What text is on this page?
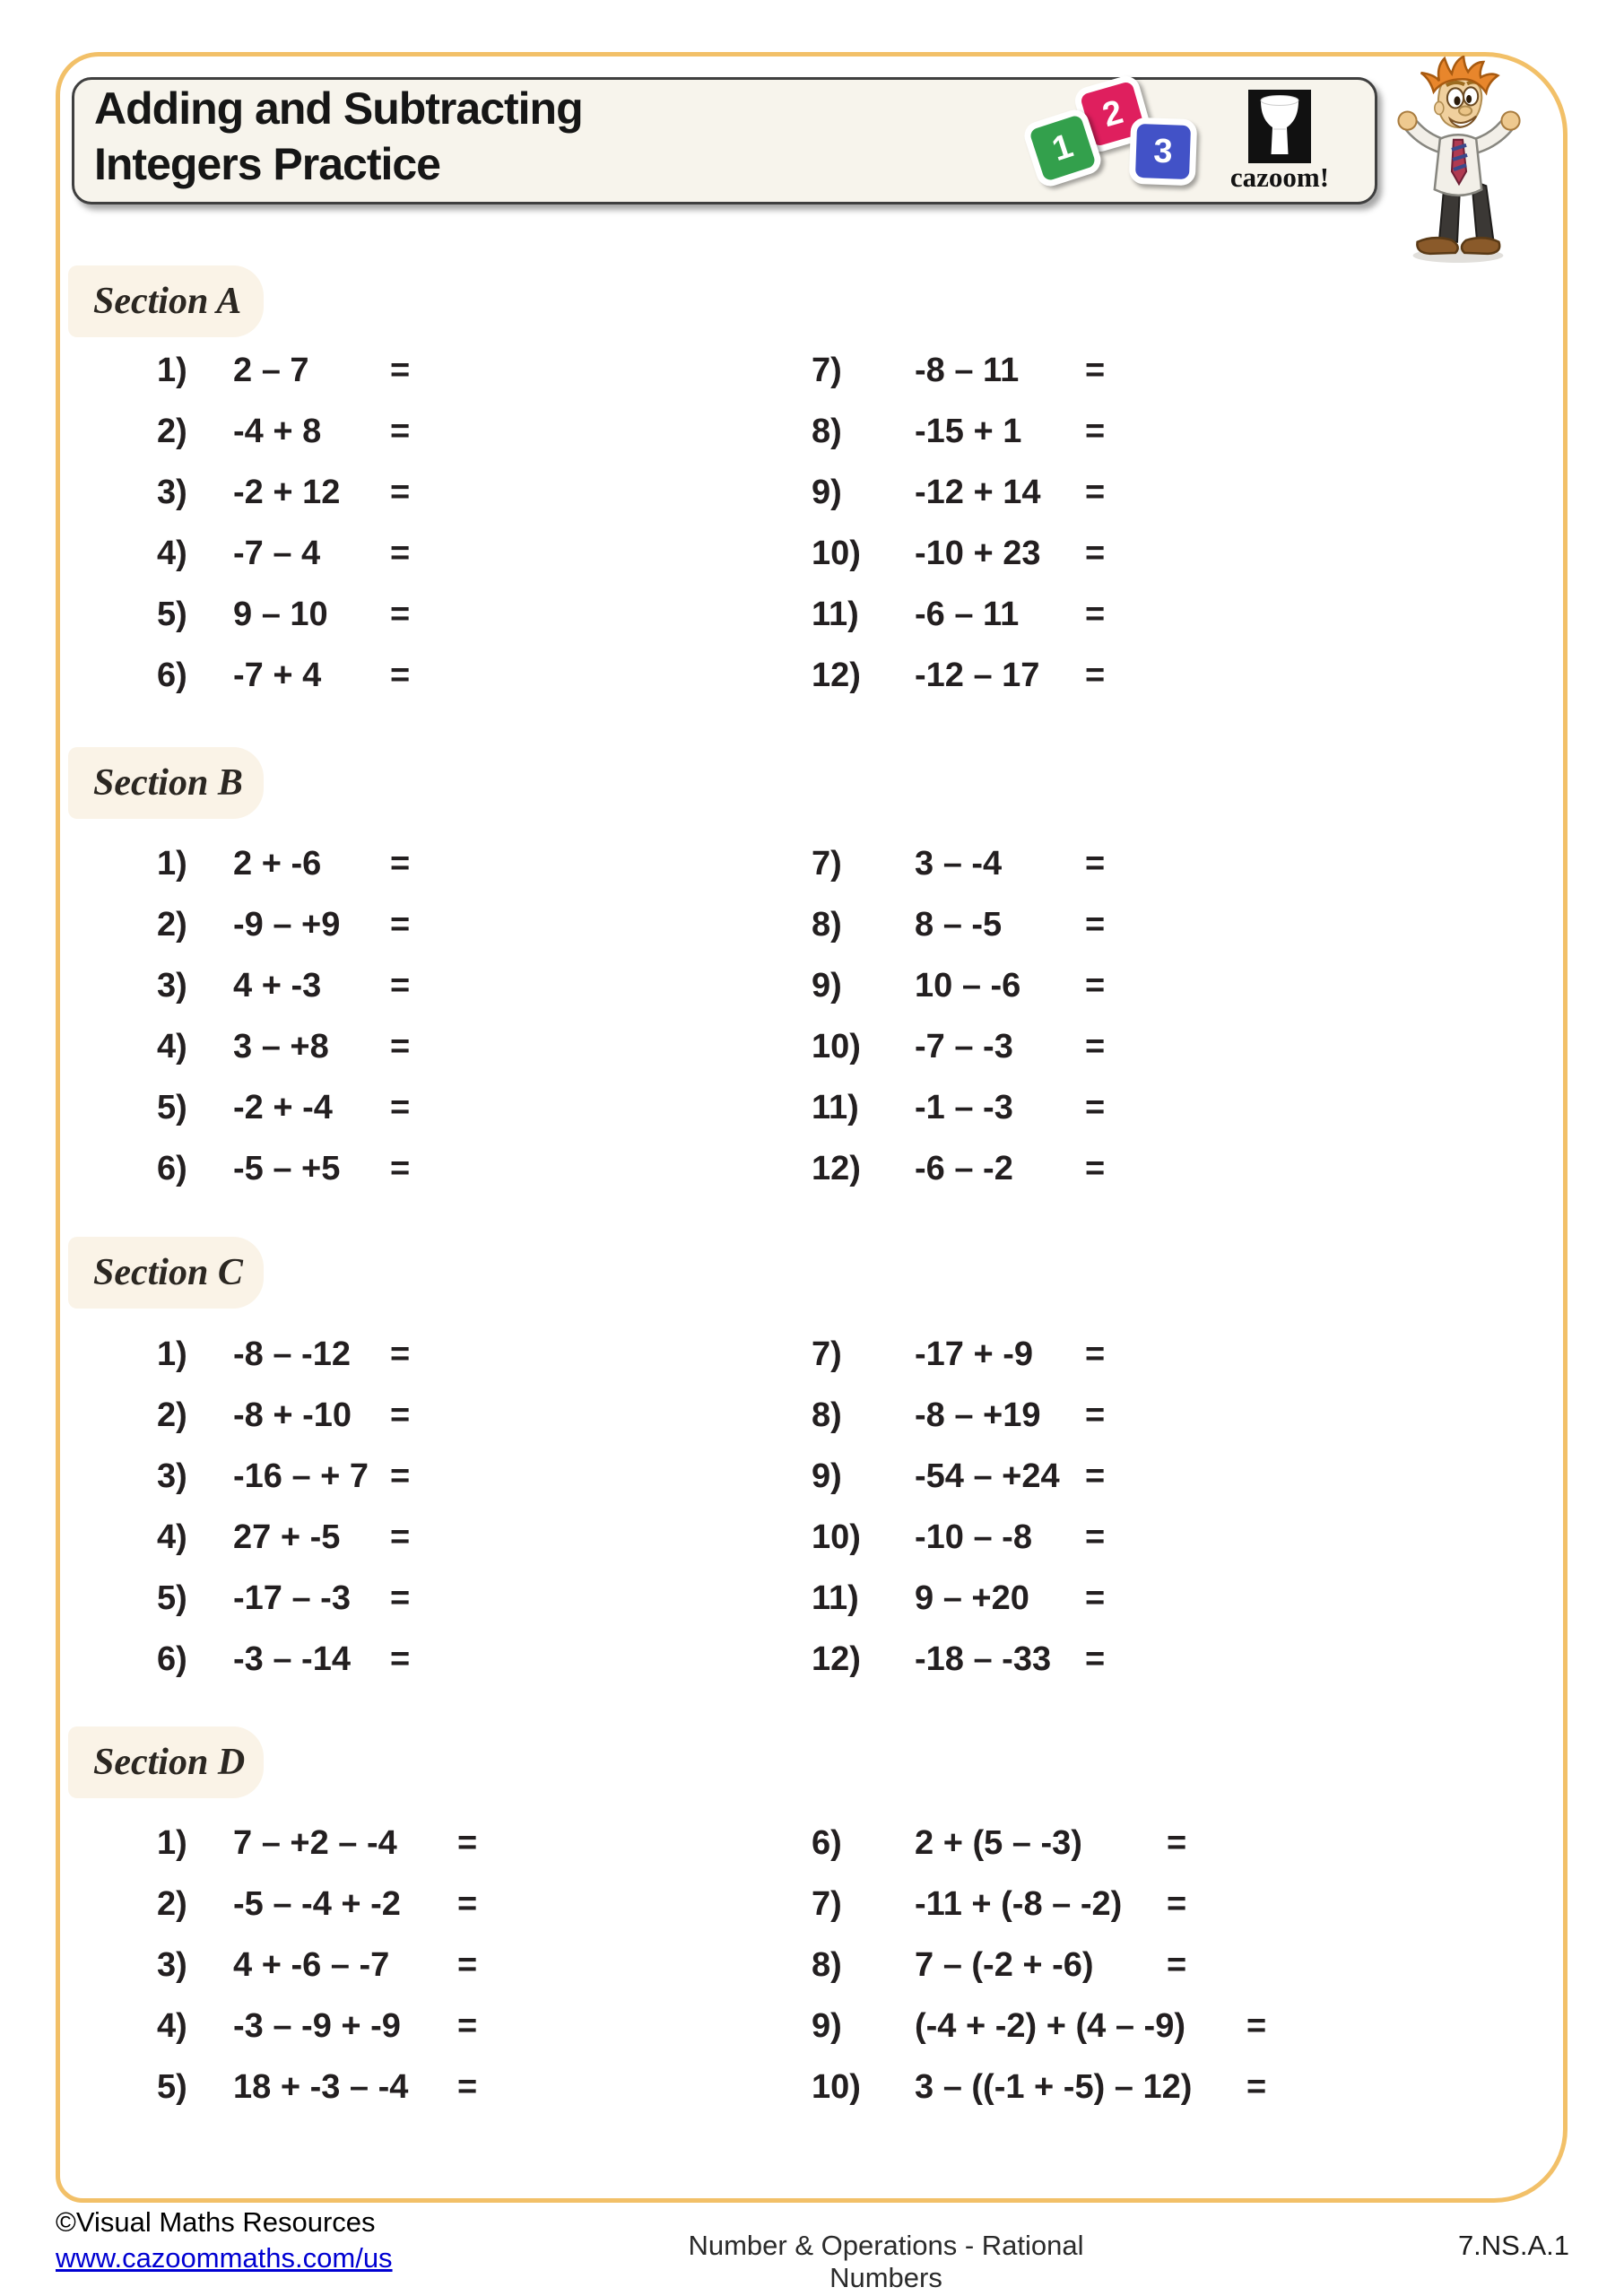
Adding and Subtracting
Integers Practice	1
2
3
cazoom!
Section A
1)	2 – 7 =
2)	-4 + 8 =
3)	-2 + 12 =
4)	-7 – 4 =
5)	9 – 10 =
6)	-7 + 4 =
7)	-8 – 11 =
8)	-15 + 1 =
9)	-12 + 14 =
10)	-10 + 23 =
11)	-6 – 11 =
12)	-12 – 17 =
Section B
1)	2 + -6 =
2)	-9 – +9 =
3)	4 + -3 =
4)	3 – +8 =
5)	-2 + -4 =
6)	-5 – +5 =
7)	3 – -4 =
8)	8 – -5 =
9)	10 – -6 =
10)	-7 – -3 =
11)	-1 – -3 =
12)	-6 – -2 =
Section C
1)	-8 – -12 =
2)	-8 + -10 =
3)	-16 – + 7 =
4)	27 + -5 =
5)	-17 – -3 =
6)	-3 – -14 =
7)	-17 + -9 =
8)	-8 – +19 =
9)	-54 – +24 =
10)	-10 – -8 =
11)	9 – +20 =
12)	-18 – -33 =
Section D
1)	7 – +2 – -4 =
2)	-5 – -4 + -2 =
3)	4 + -6 – -7 =
4)	-3 – -9 + -9 =
5)	18 + -3 – -4 =
6)	2 + (5 – -3) =
7)	-11 + (-8 – -2) =
8)	7 – (-2 + -6) =
9)	(-4 + -2) + (4 – -9) =
10)	3 – ((-1 + -5) – 12) =
©Visual Maths Resources
www.cazoommaths.com/us	Number & Operations - Rational Numbers
7.NS.A.1
